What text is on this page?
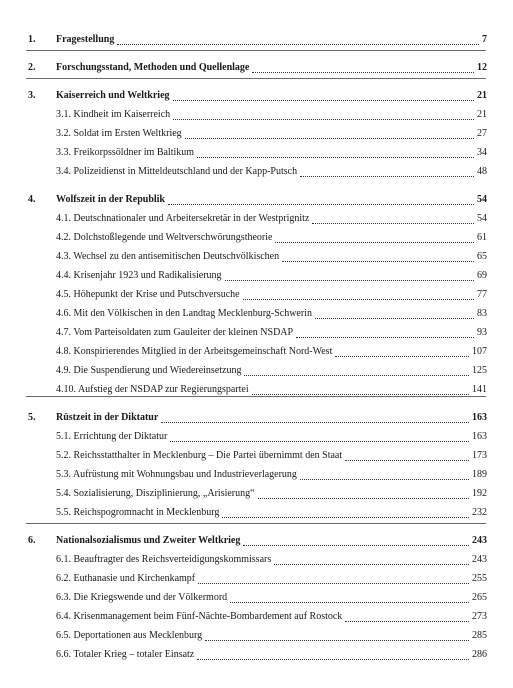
1. Fragestellung	7
2. Forschungsstand, Methoden und Quellenlage	12
3. Kaiserreich und Weltkrieg	21
3.1. Kindheit im Kaiserreich	21
3.2. Soldat im Ersten Weltkrieg	27
3.3. Freikorpssöldner im Baltikum	34
3.4. Polizeidienst in Mitteldeutschland und der Kapp-Putsch	48
4. Wolfszeit in der Republik	54
4.1. Deutschnationaler und Arbeitersekretär in der Westprignitz	54
4.2. Dolchstoßlegende und Weltverschwörungstheorie	61
4.3. Wechsel zu den antisemitischen Deutschvölkischen	65
4.4. Krisenjahr 1923 und Radikalisierung	69
4.5. Höhepunkt der Krise und Putschversuche	77
4.6. Mit den Völkischen in den Landtag Mecklenburg-Schwerin	83
4.7. Vom Parteisoldaten zum Gauleiter der kleinen NSDAP	93
4.8. Konspirierendes Mitglied in der Arbeitsgemeinschaft Nord-West	107
4.9. Die Suspendierung und Wiedereinsetzung	125
4.10. Aufstieg der NSDAP zur Regierungspartei	141
5. Rüstzeit in der Diktatur	163
5.1. Errichtung der Diktatur	163
5.2. Reichsstatthalter in Mecklenburg – Die Partei übernimmt den Staat	173
5.3. Aufrüstung mit Wohnungsbau und Industrieverlagerung	189
5.4. Sozialisierung, Disziplinierung, „Arisierung“	192
5.5. Reichspogromnacht in Mecklenburg	232
6. Nationalsozialismus und Zweiter Weltkrieg	243
6.1. Beauftragter des Reichsverteidigungskommissars	243
6.2. Euthanasie und Kirchenkampf	255
6.3. Die Kriegswende und der Völkermord	265
6.4. Krisenmanagement beim Fünf-Nächte-Bombardement auf Rostock	273
6.5. Deportationen aus Mecklenburg	285
6.6. Totaler Krieg – totaler Einsatz	286
